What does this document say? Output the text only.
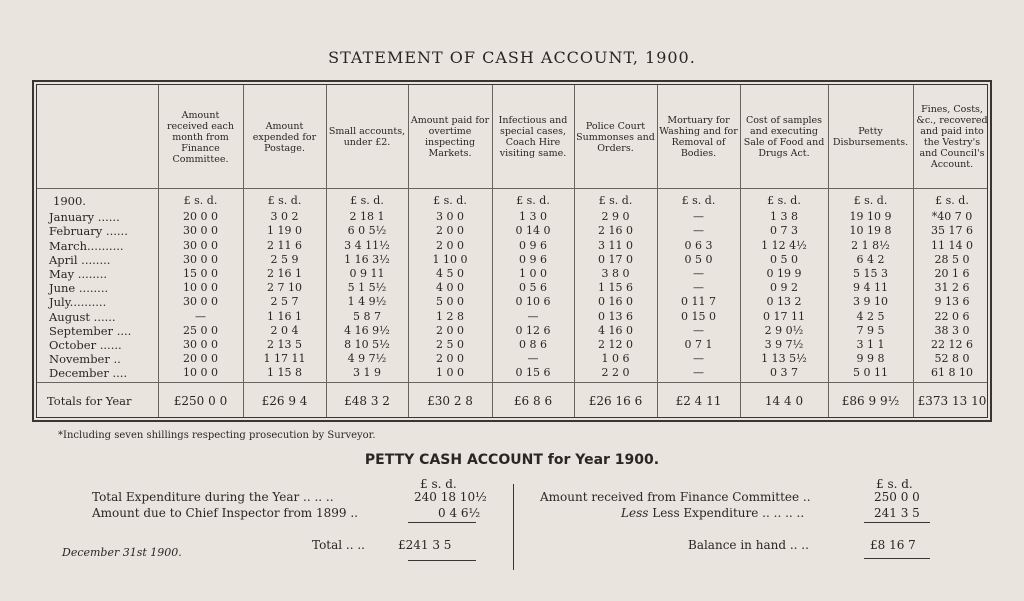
STATEMENT OF CASH ACCOUNT, 1900.
Amount received each month from Finance Committee.
Amount expended for Postage.
Small accounts, under £2.
Amount paid for overtime inspecting Markets.
Infectious and special cases, Coach Hire visiting same.
Police Court Summonses and Orders.
Mortuary for Washing and for Removal of Bodies.
Cost of samples and executing Sale of Food and Drugs Act.
Petty Disbursements.
Fines, Costs, &c., recovered and paid into the Vestry's and Council's Account.
1900.	£ s. d.	£ s. d.	£ s. d.	£ s. d.	£ s. d.	£ s. d.	£ s. d.	£ s. d.	£ s. d.	£ s. d.
January ......	20 0 0	3 0 2	2 18 1	3 0 0	1 3 0	2 9 0	—	1 3 8	19 10 9	*40 7 0
February ......	30 0 0	1 19 0	6 0 5½	2 0 0	0 14 0	2 16 0	—	0 7 3	10 19 8	35 17 6
March..........	30 0 0	2 11 6	3 4 11½	2 0 0	0 9 6	3 11 0	0 6 3	1 12 4½	2 1 8½	11 14 0
April ........	30 0 0	2 5 9	1 16 3½	1 10 0	0 9 6	0 17 0	0 5 0	0 5 0	6 4 2	28 5 0
May ........	15 0 0	2 16 1	0 9 11	4 5 0	1 0 0	3 8 0	—	0 19 9	5 15 3	20 1 6
June ........	10 0 0	2 7 10	5 1 5½	4 0 0	0 5 6	1 15 6	—	0 9 2	9 4 11	31 2 6
July..........	30 0 0	2 5 7	1 4 9½	5 0 0	0 10 6	0 16 0	0 11 7	0 13 2	3 9 10	9 13 6
August ......	—	1 16 1	5 8 7	1 2 8	—	0 13 6	0 15 0	0 17 11	4 2 5	22 0 6
September ....	25 0 0	2 0 4	4 16 9½	2 0 0	0 12 6	4 16 0	—	2 9 0½	7 9 5	38 3 0
October ......	30 0 0	2 13 5	8 10 5½	2 5 0	0 8 6	2 12 0	0 7 1	3 9 7½	3 1 1	22 12 6
November ..	20 0 0	1 17 11	4 9 7½	2 0 0	—	1 0 6	—	1 13 5½	9 9 8	52 8 0
December ....	10 0 0	1 15 8	3 1 9	1 0 0	0 15 6	2 2 0	—	0 3 7	5 0 11	61 8 10
Totals for Year	£250 0 0	£26 9 4	£48 3 2	£30 2 8	£6 8 6	£26 16 6	£2 4 11	14 4 0	£86 9 9½	£373 13 10
*Including seven shillings respecting prosecution by Surveyor.
PETTY CASH ACCOUNT for Year 1900.
£ s. d.	£ s. d.
Total Expenditure during the Year .. .. ..	240 18 10½
Amount due to Chief Inspector from 1899 ..	0 4 6½
Total .. ..	£241 3 5
December 31st 1900.
Amount received from Finance Committee ..	250 0 0
Less Less Expenditure .. .. .. ..	241 3 5
Balance in hand .. ..	£8 16 7
